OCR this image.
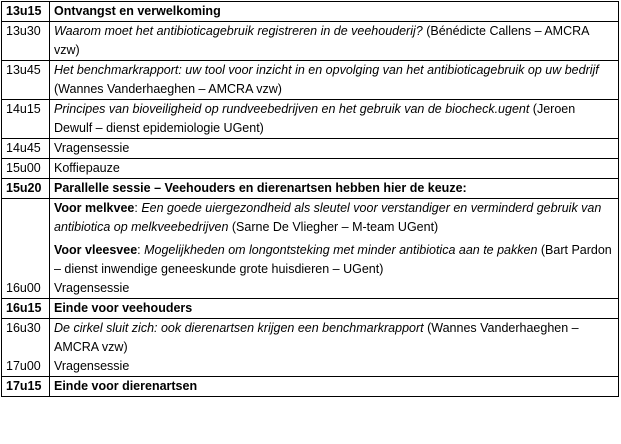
13u15	Ontvangst en verwelkoming
13u30	Waarom moet het antibioticagebruik registreren in de veehouderij? (Bénédicte Callens – AMCRA vzw)
13u45	Het benchmarkrapport: uw tool voor inzicht in en opvolging van het antibioticagebruik op uw bedrijf (Wannes Vanderhaeghen – AMCRA vzw)
14u15	Principes van bioveiligheid op rundveebedrijven en het gebruik van de biocheck.ugent (Jeroen Dewulf – dienst epidemiologie UGent)
14u45	Vragensessie
15u00	Koffiepauze
15u20	Parallelle sessie – Veehouders en dierenartsen hebben hier de keuze:

	Voor melkvee: Een goede uiergezondheid als sleutel voor verstandiger en verminderd gebruik van antibiotica op melkveebedrijven (Sarne De Vliegher – M-team UGent)
Voor vleesvee: Mogelijkheden om longontsteking met minder antibiotica aan te pakken (Bart Pardon – dienst inwendige geneeskunde grote huisdieren – UGent)

16u00	Vragensessie
16u15	Einde voor veehouders
16u30	De cirkel sluit zich: ook dierenartsen krijgen een benchmarkrapport (Wannes Vanderhaeghen – AMCRA vzw)
17u00	Vragensessie
17u15	Einde voor dierenartsen
